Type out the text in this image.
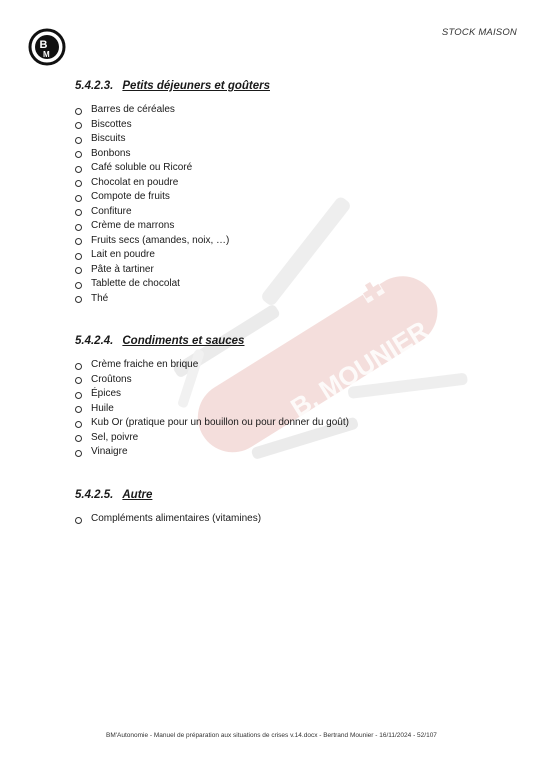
B. MOUNIER
B
M
STOCK MAISON
5.4.2.3. Petits déjeuners et goûters
Barres de céréales
Biscottes
Biscuits
Bonbons
Café soluble ou Ricoré
Chocolat en poudre
Compote de fruits
Confiture
Crème de marrons
Fruits secs (amandes, noix, …)
Lait en poudre
Pâte à tartiner
Tablette de chocolat
Thé
5.4.2.4. Condiments et sauces
Crème fraiche en brique
Croûtons
Épices
Huile
Kub Or (pratique pour un bouillon ou pour donner du goût)
Sel, poivre
Vinaigre
5.4.2.5. Autre
Compléments alimentaires (vitamines)
BM'Autonomie - Manuel de préparation aux situations de crises v.14.docx - Bertrand Mounier - 16/11/2024 - 52/107
